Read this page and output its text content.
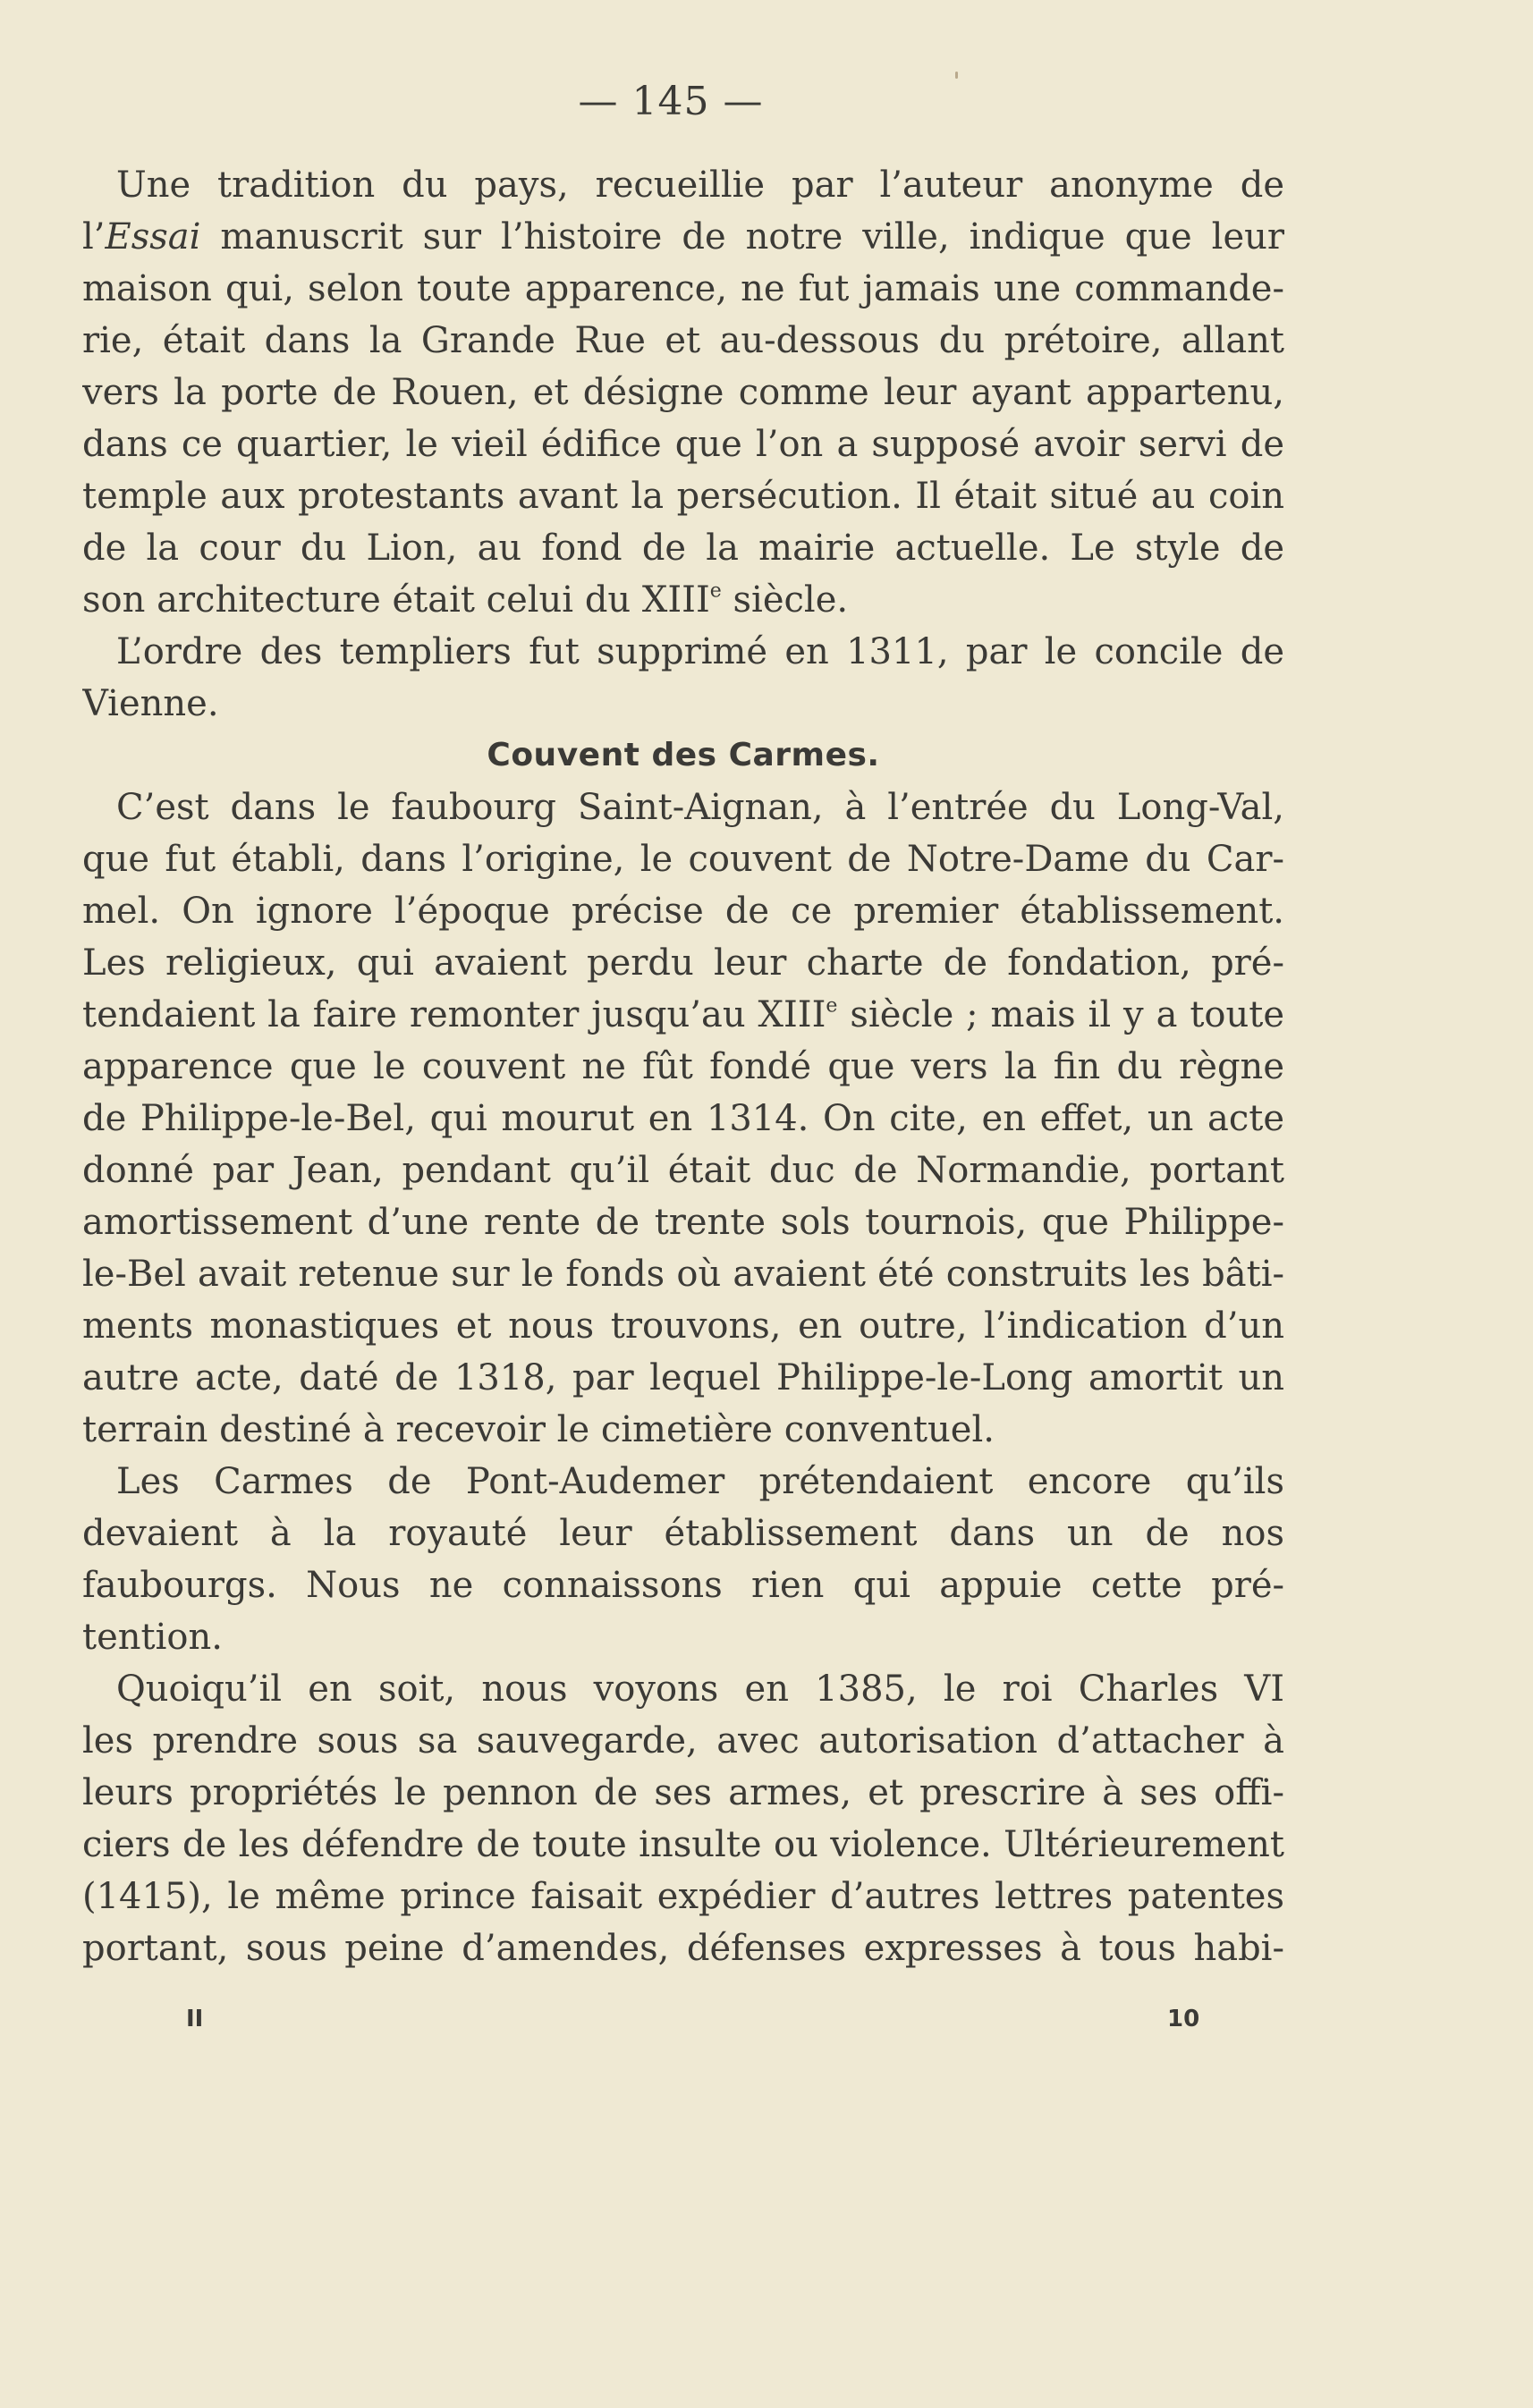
— 145 —
Une tradition du pays, recueillie par l’auteur anonyme de
l’Essai manuscrit sur l’histoire de notre ville, indique que leur
maison qui, selon toute apparence, ne fut jamais une commande-
rie, était dans la Grande Rue et au-dessous du prétoire, allant
vers la porte de Rouen, et désigne comme leur ayant appartenu,
dans ce quartier, le vieil édifice que l’on a supposé avoir servi de
temple aux protestants avant la persécution. Il était situé au coin
de la cour du Lion, au fond de la mairie actuelle. Le style de
son architecture était celui du XIIIe siècle.
L’ordre des templiers fut supprimé en 1311, par le concile de
Vienne.
Couvent des Carmes.
C’est dans le faubourg Saint-Aignan, à l’entrée du Long-Val,
que fut établi, dans l’origine, le couvent de Notre-Dame du Car-
mel. On ignore l’époque précise de ce premier établissement.
Les religieux, qui avaient perdu leur charte de fondation, pré-
tendaient la faire remonter jusqu’au XIIIe siècle ; mais il y a toute
apparence que le couvent ne fût fondé que vers la fin du règne
de Philippe-le-Bel, qui mourut en 1314. On cite, en effet, un acte
donné par Jean, pendant qu’il était duc de Normandie, portant
amortissement d’une rente de trente sols tournois, que Philippe-
le-Bel avait retenue sur le fonds où avaient été construits les bâti-
ments monastiques et nous trouvons, en outre, l’indication d’un
autre acte, daté de 1318, par lequel Philippe-le-Long amortit un
terrain destiné à recevoir le cimetière conventuel.
Les Carmes de Pont-Audemer prétendaient encore qu’ils
devaient à la royauté leur établissement dans un de nos
faubourgs. Nous ne connaissons rien qui appuie cette pré-
tention.
Quoiqu’il en soit, nous voyons en 1385, le roi Charles VI
les prendre sous sa sauvegarde, avec autorisation d’attacher à
leurs propriétés le pennon de ses armes, et prescrire à ses offi-
ciers de les défendre de toute insulte ou violence. Ultérieurement
(1415), le même prince faisait expédier d’autres lettres patentes
portant, sous peine d’amendes, défenses expresses à tous habi-
II	10
